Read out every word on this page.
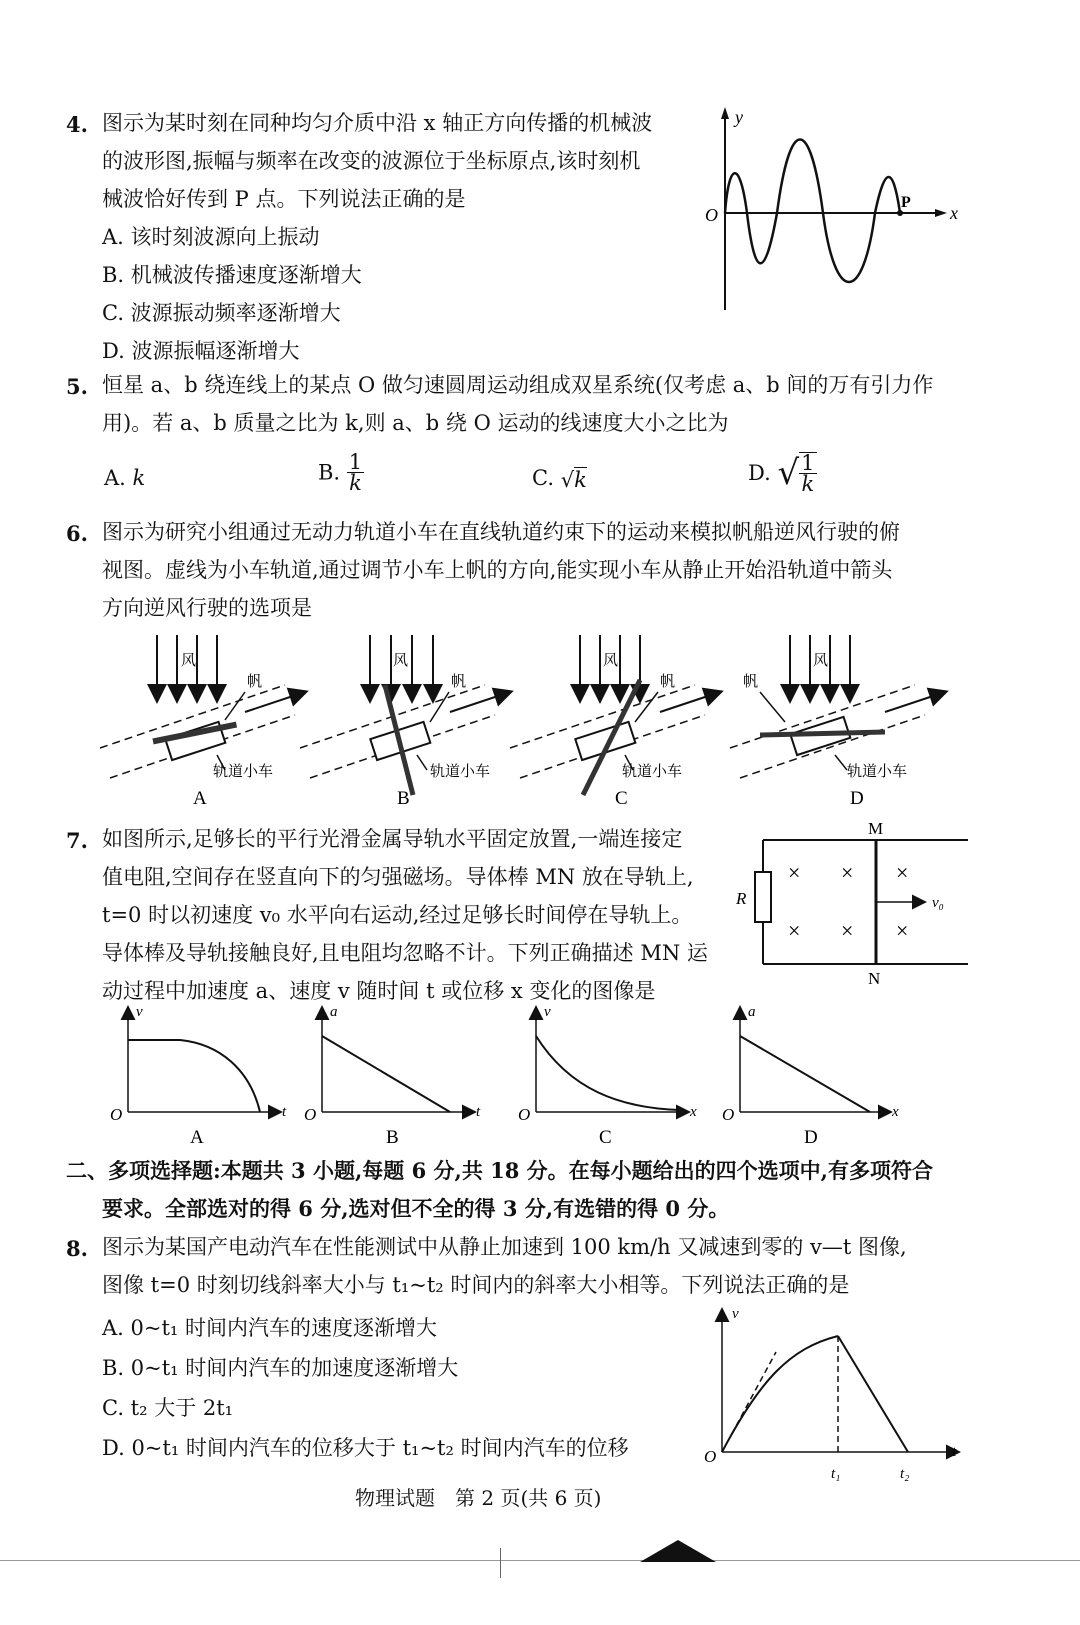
4. 图示为某时刻在同种均匀介质中沿 x 轴正方向传播的机械波
的波形图,振幅与频率在改变的波源位于坐标原点,该时刻机
械波恰好传到 P 点。下列说法正确的是
A. 该时刻波源向上振动
B. 机械波传播速度逐渐增大
C. 波源振动频率逐渐增大
D. 波源振幅逐渐增大
y
O
P
x
5. 恒星 a、b 绕连线上的某点 O 做匀速圆周运动组成双星系统(仅考虑 a、b 间的万有引力作
用)。若 a、b 质量之比为 k,则 a、b 绕 O 运动的线速度大小之比为
A. k	B. $\frac{1}{k}$	C. √k	D. √ $\frac{1}{k}$
6. 图示为研究小组通过无动力轨道小车在直线轨道约束下的运动来模拟帆船逆风行驶的俯
视图。虚线为小车轨道,通过调节小车上帆的方向,能实现小车从静止开始沿轨道中箭头
方向逆风行驶的选项是
风
帆
轨道小车
A
风
帆
轨道小车
B
风
帆
轨道小车
C
风
帆
轨道小车
D
7. 如图所示,足够长的平行光滑金属导轨水平固定放置,一端连接定
值电阻,空间存在竖直向下的匀强磁场。导体棒 MN 放在导轨上,
t=0 时以初速度 v₀ 水平向右运动,经过足够长时间停在导轨上。
导体棒及导轨接触良好,且电阻均忽略不计。下列正确描述 MN 运
动过程中加速度 a、速度 v 随时间 t 或位移 x 变化的图像是
R
M
N
v₀
× × ×
× × ×
v
O	t
A
a
O	t
B
v
O	x
C
a
O	x
D
二、多项选择题:本题共 3 小题,每题 6 分,共 18 分。在每小题给出的四个选项中,有多项符合
要求。全部选对的得 6 分,选对但不全的得 3 分,有选错的得 0 分。
8. 图示为某国产电动汽车在性能测试中从静止加速到 100 km/h 又减速到零的 v—t 图像,
图像 t=0 时刻切线斜率大小与 t₁~t₂ 时间内的斜率大小相等。下列说法正确的是
A. 0~t₁ 时间内汽车的速度逐渐增大
B. 0~t₁ 时间内汽车的加速度逐渐增大
C. t₂ 大于 2t₁
D. 0~t₁ 时间内汽车的位移大于 t₁~t₂ 时间内汽车的位移
v
O	t
t₁	t₂
物理试题　第 2 页(共 6 页)
